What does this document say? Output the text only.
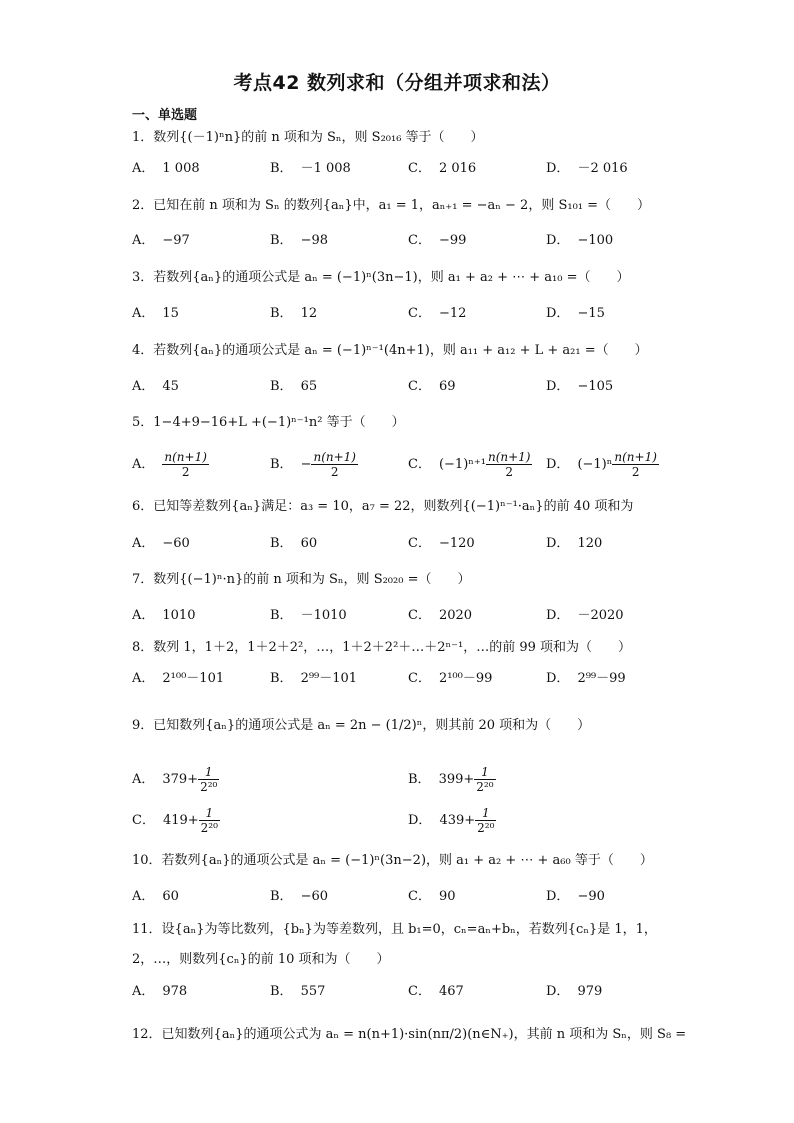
考点42 数列求和（分组并项求和法）
一、单选题
1．数列{(－1)ⁿn}的前 n 项和为 Sₙ，则 S₂₀₁₆ 等于（　　）
A． 1 008	B． －1 008	C． 2 016	D． －2 016
2．已知在前 n 项和为 Sₙ 的数列{aₙ}中，a₁ = 1，aₙ₊₁ = −aₙ − 2，则 S₁₀₁ =（　　）
A． −97	B． −98	C． −99	D． −100
3．若数列{aₙ}的通项公式是 aₙ = (−1)ⁿ(3n−1)，则 a₁ + a₂ + ⋯ + a₁₀ =（　　）
A． 15	B． 12	C． −12	D． −15
4．若数列{aₙ}的通项公式是 aₙ = (−1)ⁿ⁻¹(4n+1)，则 a₁₁ + a₁₂ + L + a₂₁ =（　　）
A． 45	B． 65	C． 69	D． −105
5．1−4+9−16+L +(−1)ⁿ⁻¹n² 等于（　　）
A． $\frac{n(n+1)}{2}$	B． − $\frac{n(n+1)}{2}$	C． $(-1)^{n+1} \frac{n(n+1)}{2}$ D． $(-1)^n \frac{n(n+1)}{2}$
6．已知等差数列{aₙ}满足：a₃ = 10，a₇ = 22，则数列{(−1)ⁿ⁻¹·aₙ}的前 40 项和为
A． −60	B． 60	C． −120	D． 120
7．数列{(−1)ⁿ·n}的前 n 项和为 Sₙ，则 S₂₀₂₀ =（　　）
A． 1010	B． －1010	C． 2020	D． －2020
8．数列 1，1＋2，1＋2＋2²，…，1＋2＋2²＋…＋2ⁿ⁻¹，…的前 99 项和为（　　）
A． 2¹⁰⁰－101	B． 2⁹⁹－101	C． 2¹⁰⁰－99	D． 2⁹⁹－99
9．已知数列{aₙ}的通项公式是 aₙ = 2n − (1/2)ⁿ，则其前 20 项和为（　　）
A． $379+ \frac{1}{\text{2²⁰}}$	B． $399+ \frac{1}{\text{2²⁰}}$
C． $419+ \frac{1}{\text{2²⁰}}$	D． $439+ \frac{1}{\text{2²⁰}}$
10．若数列{aₙ}的通项公式是 aₙ = (−1)ⁿ(3n−2)，则 a₁ + a₂ + ⋯ + a₆₀ 等于（　　）
A． 60	B． −60	C． 90	D． −90
11．设{aₙ}为等比数列，{bₙ}为等差数列，且 b₁=0，cₙ=aₙ+bₙ，若数列{cₙ}是 1，1，
2，…，则数列{cₙ}的前 10 项和为（　　）
A． 978	B． 557	C． 467	D． 979
12．已知数列{aₙ}的通项公式为 aₙ = n(n+1)·sin(nπ/2)(n∈N₊)，其前 n 项和为 Sₙ，则 S₈ =
